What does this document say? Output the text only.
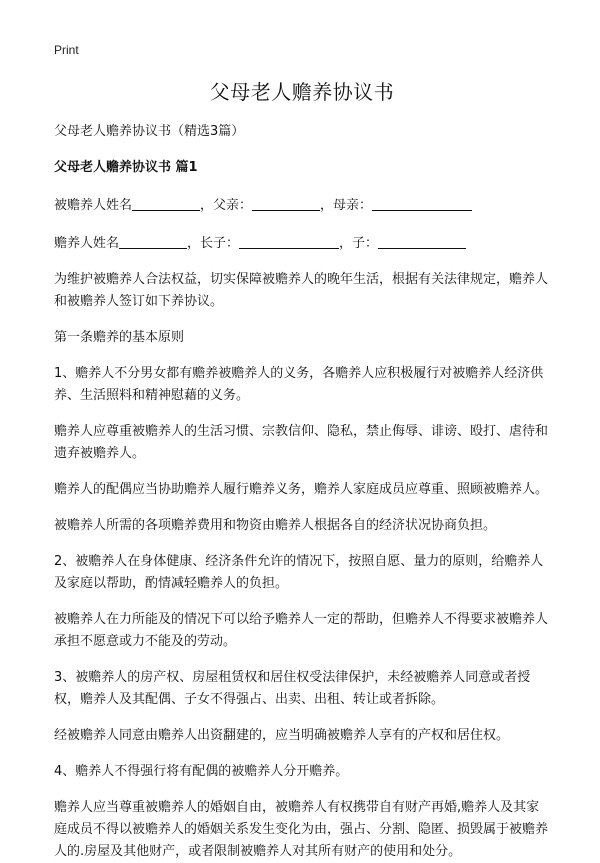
Print
父母老人赡养协议书

父母老人赡养协议书（精选3篇）

父母老人赡养协议书 篇1

被赡养人姓名	，父亲：	，母亲：

赡养人姓名	，长子：	，子：

为维护被赡养人合法权益，切实保障被赡养人的晚年生活，根据有关法律规定，赡养人和被赡养人签订如下养协议。

第一条赡养的基本原则

1、赡养人不分男女都有赡养被赡养人的义务，各赡养人应积极履行对被赡养人经济供养、生活照料和精神慰藉的义务。

赡养人应尊重被赡养人的生活习惯、宗教信仰、隐私，禁止侮辱、诽谤、殴打、虐待和遗弃被赡养人。

赡养人的配偶应当协助赡养人履行赡养义务，赡养人家庭成员应尊重、照顾被赡养人。

被赡养人所需的各项赡养费用和物资由赡养人根据各自的经济状况协商负担。

2、被赡养人在身体健康、经济条件允许的情况下，按照自愿、量力的原则，给赡养人及家庭以帮助，酌情减轻赡养人的负担。

被赡养人在力所能及的情况下可以给予赡养人一定的帮助，但赡养人不得要求被赡养人承担不愿意或力不能及的劳动。

3、被赡养人的房产权、房屋租赁权和居住权受法律保护，未经被赡养人同意或者授权，赡养人及其配偶、子女不得强占、出卖、出租、转让或者拆除。

经被赡养人同意由赡养人出资翻建的，应当明确被赡养人享有的产权和居住权。

4、赡养人不得强行将有配偶的被赡养人分开赡养。

赡养人应当尊重被赡养人的婚姻自由，被赡养人有权携带自有财产再婚,赡养人及其家庭成员不得以被赡养人的婚姻关系发生变化为由，强占、分割、隐匿、损毁属于被赡养人的.房屋及其他财产，或者限制被赡养人对其所有财产的使用和处分。
